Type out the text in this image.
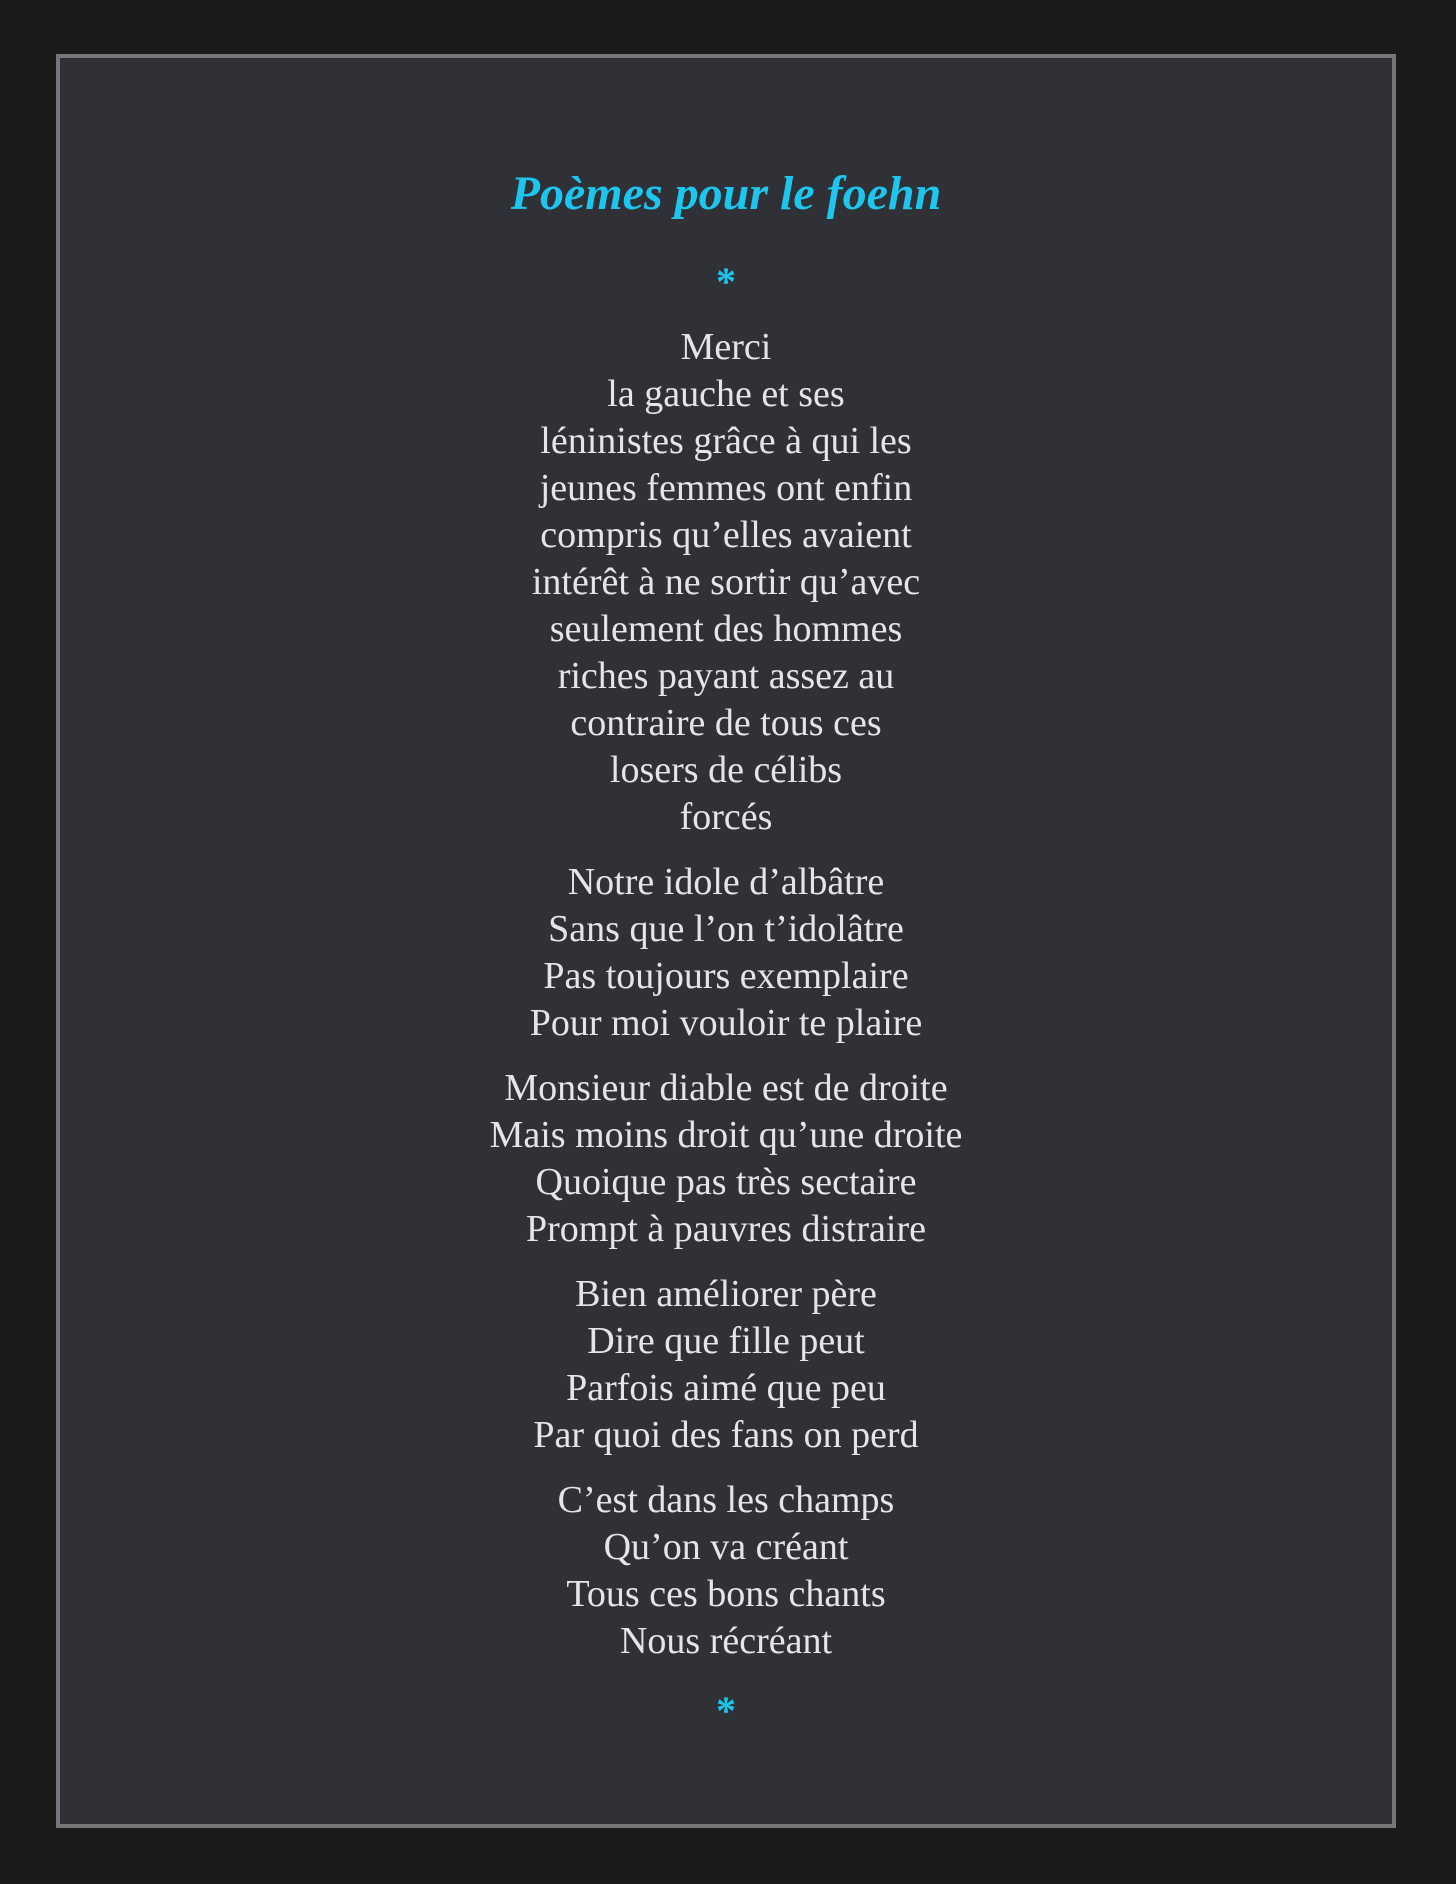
Poèmes pour le foehn

*

Merci
la gauche et ses
léninistes grâce à qui les
jeunes femmes ont enfin
compris qu’elles avaient
intérêt à ne sortir qu’avec
seulement des hommes
riches payant assez au
contraire de tous ces
losers de célibs
forcés
Notre idole d’albâtre
Sans que l’on t’idolâtre
Pas toujours exemplaire
Pour moi vouloir te plaire
Monsieur diable est de droite
Mais moins droit qu’une droite
Quoique pas très sectaire
Prompt à pauvres distraire
Bien améliorer père
Dire que fille peut
Parfois aimé que peu
Par quoi des fans on perd
C’est dans les champs
Qu’on va créant
Tous ces bons chants
Nous récréant

*
